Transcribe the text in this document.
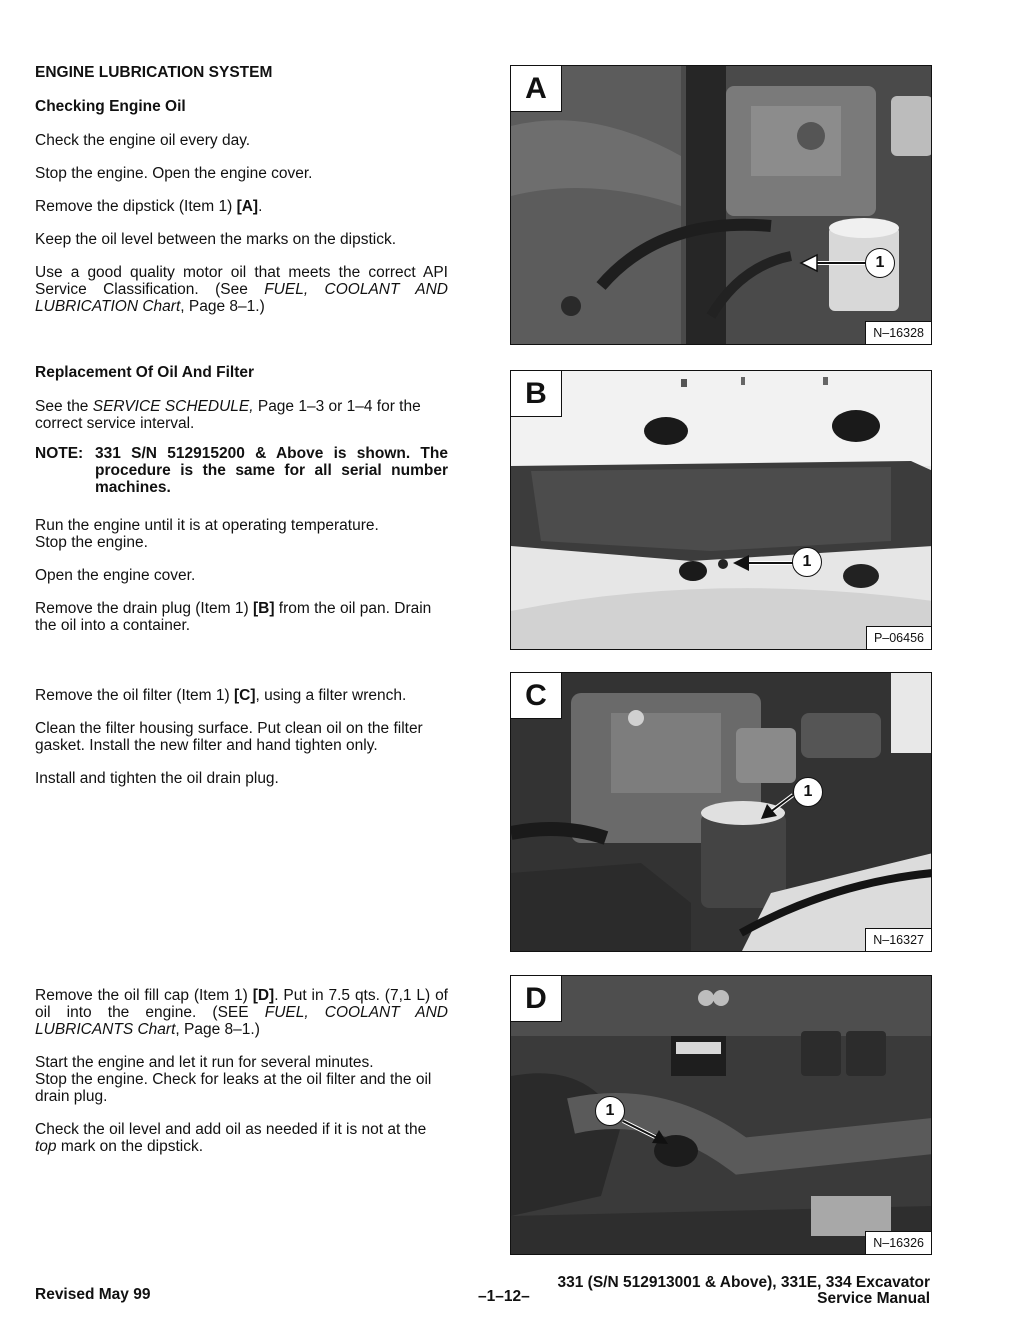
ENGINE LUBRICATION SYSTEM

Checking Engine Oil

Check the engine oil every day.

Stop the engine. Open the engine cover.

Remove the dipstick (Item 1) [A].

Keep the oil level between the marks on the dipstick.

Use a good quality motor oil that meets the correct API Service Classification. (See FUEL, COOLANT AND LUBRICATION Chart, Page 8–1.)

Replacement Of Oil And Filter

See the SERVICE SCHEDULE, Page 1–3 or 1–4 for the correct service interval.

NOTE: 331 S/N 512915200 & Above is shown. The procedure is the same for all serial number machines.

Run the engine until it is at operating temperature.
Stop the engine.

Open the engine cover.

Remove the drain plug (Item 1) [B] from the oil pan. Drain the oil into a container.

Remove the oil filter (Item 1) [C], using a filter wrench.

Clean the filter housing surface. Put clean oil on the filter gasket. Install the new filter and hand tighten only.

Install and tighten the oil drain plug.

Remove the oil fill cap (Item 1) [D]. Put in 7.5 qts. (7,1 L) of oil into the engine. (SEE FUEL, COOLANT AND LUBRICANTS Chart, Page 8–1.)

Start the engine and let it run for several minutes.
Stop the engine. Check for leaks at the oil filter and the oil drain plug.

Check the oil level and add oil as needed if it is not at the top mark on the dipstick.

A
1
N–16328
B
1
P–06456
C
1
N–16327
D
1
N–16326
Revised May 99	–1–12–
331 (S/N 512913001 & Above), 331E, 334 Excavator
Service Manual
